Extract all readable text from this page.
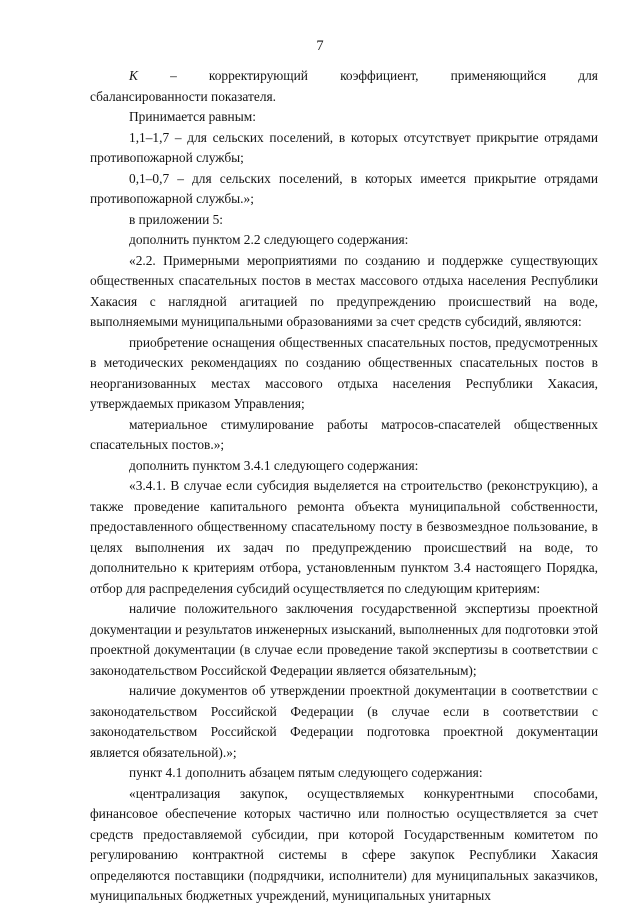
7
K – корректирующий коэффициент, применяющийся для

сбалансированности показателя.

Принимается равным:

1,1–1,7 – для сельских поселений, в которых отсутствует прикрытие отрядами противопожарной службы;

0,1–0,7 – для сельских поселений, в которых имеется прикрытие отрядами противопожарной службы.»;

в приложении 5:

дополнить пунктом 2.2 следующего содержания:

«2.2. Примерными мероприятиями по созданию и поддержке существующих общественных спасательных постов в местах массового отдыха населения Республики Хакасия с наглядной агитацией по предупреждению происшествий на воде, выполняемыми муниципальными образованиями за счет средств субсидий, являются:

приобретение оснащения общественных спасательных постов, предусмотренных в методических рекомендациях по созданию общественных спасательных постов в неорганизованных местах массового отдыха населения Республики Хакасия, утверждаемых приказом Управления;

материальное стимулирование работы матросов-спасателей общественных спасательных постов.»;

дополнить пунктом 3.4.1 следующего содержания:

«3.4.1. В случае если субсидия выделяется на строительство (реконструкцию), а также проведение капитального ремонта объекта муниципальной собственности, предоставленного общественному спасательному посту в безвозмездное пользование, в целях выполнения их задач по предупреждению происшествий на воде, то дополнительно к критериям отбора, установленным пунктом 3.4 настоящего Порядка, отбор для распределения субсидий осуществляется по следующим критериям:

наличие положительного заключения государственной экспертизы проектной документации и результатов инженерных изысканий, выполненных для подготовки этой проектной документации (в случае если проведение такой экспертизы в соответствии с законодательством Российской Федерации является обязательным);

наличие документов об утверждении проектной документации в соответствии с законодательством Российской Федерации (в случае если в соответствии с законодательством Российской Федерации подготовка проектной документации является обязательной).»;

пункт 4.1 дополнить абзацем пятым следующего содержания:

«централизация закупок, осуществляемых конкурентными способами, финансовое обеспечение которых частично или полностью осуществляется за счет средств предоставляемой субсидии, при которой Государственным комитетом по регулированию контрактной системы в сфере закупок Республики Хакасия определяются поставщики (подрядчики, исполнители) для муниципальных заказчиков, муниципальных бюджетных учреждений, муниципальных унитарных
